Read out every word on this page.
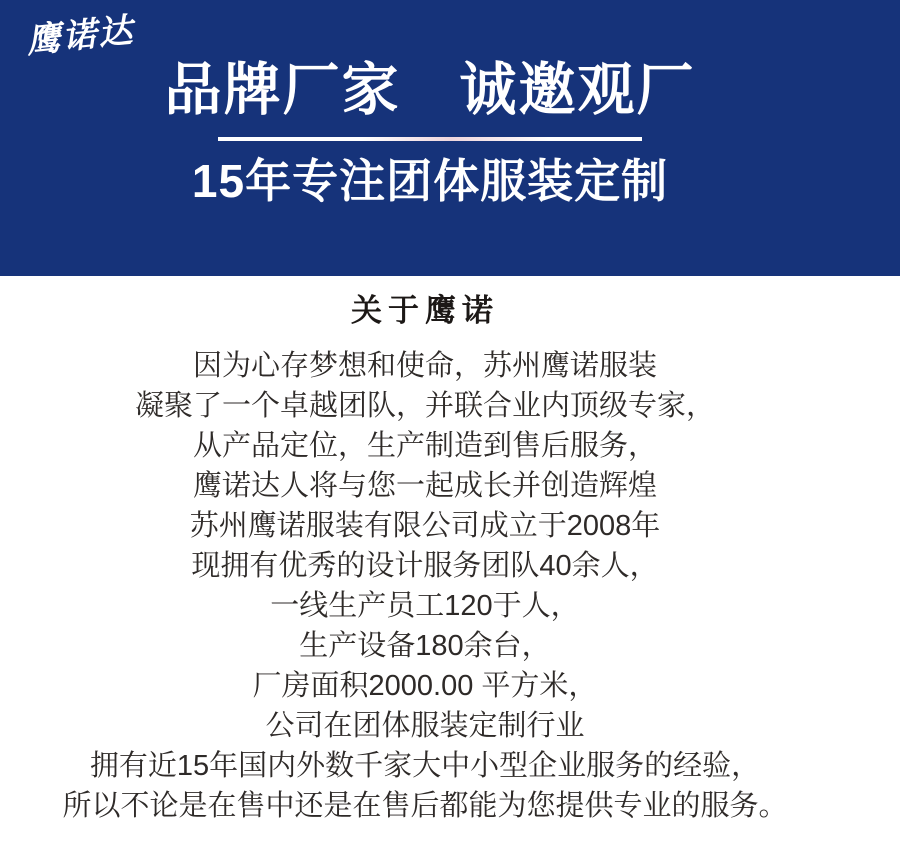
鹰诺达
品牌厂家　诚邀观厂
15年专注团体服装定制
关于鹰诺
因为心存梦想和使命，苏州鹰诺服装
凝聚了一个卓越团队，并联合业内顶级专家，
从产品定位，生产制造到售后服务，
鹰诺达人将与您一起成长并创造辉煌
苏州鹰诺服装有限公司成立于2008年
现拥有优秀的设计服务团队40余人，
一线生产员工120于人，
生产设备180余台，
厂房面积2000.00 平方米，
公司在团体服装定制行业
拥有近15年国内外数千家大中小型企业服务的经验，
所以不论是在售中还是在售后都能为您提供专业的服务。
